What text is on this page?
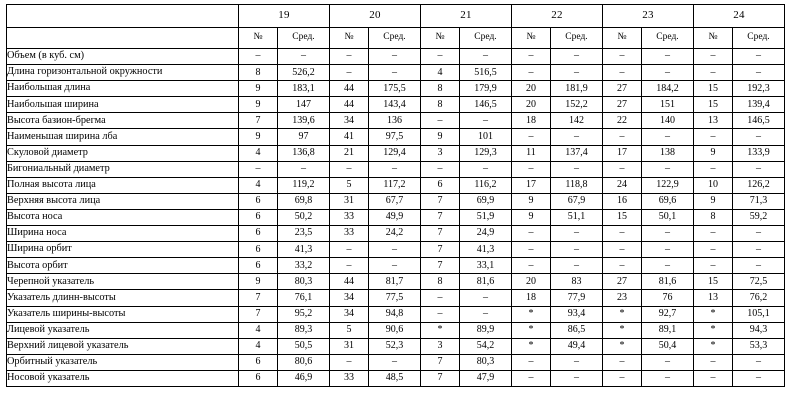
	19		20		21		22		23		24	
	№	Сред.	№	Сред.	№	Сред.	№	Сред.	№	Сред.	№	Сред.
Объем (в куб. см)	–	–	–	–	–	–	–	–	–	–	–	–
Длина горизонтальной окружности	8	526,2	–	–	4	516,5	–	–	–	–	–	–
Наибольшая длина	9	183,1	44	175,5	8	179,9	20	181,9	27	184,2	15	192,3
Наибольшая ширина	9	147	44	143,4	8	146,5	20	152,2	27	151	15	139,4
Высота базион-брегма	7	139,6	34	136	–	–	18	142	22	140	13	146,5
Наименьшая ширина лба	9	97	41	97,5	9	101	–	–	–	–	–	–
Скуловой диаметр	4	136,8	21	129,4	3	129,3	11	137,4	17	138	9	133,9
Бигониальный диаметр	–	–	–	–	–	–	–	–	–	–	–	–
Полная высота лица	4	119,2	5	117,2	6	116,2	17	118,8	24	122,9	10	126,2
Верхняя высота лица	6	69,8	31	67,7	7	69,9	9	67,9	16	69,6	9	71,3
Высота носа	6	50,2	33	49,9	7	51,9	9	51,1	15	50,1	8	59,2
Ширина носа	6	23,5	33	24,2	7	24,9	–	–	–	–	–	–
Ширина орбит	6	41,3	–	–	7	41,3	–	–	–	–	–	–
Высота орбит	6	33,2	–	–	7	33,1	–	–	–	–	–	–
Черепной указатель	9	80,3	44	81,7	8	81,6	20	83	27	81,6	15	72,5
Указатель длинн-высоты	7	76,1	34	77,5	–	–	18	77,9	23	76	13	76,2
Указатель ширины-высоты	7	95,2	34	94,8	–	–	*	93,4	*	92,7	*	105,1
Лицевой указатель	4	89,3	5	90,6	*	89,9	*	86,5	*	89,1	*	94,3
Верхний лицевой указатель	4	50,5	31	52,3	3	54,2	*	49,4	*	50,4	*	53,3
Орбитный указатель	6	80,6	–	–	7	80,3	–	–	–	–	–	–
Носовой указатель	6	46,9	33	48,5	7	47,9	–	–	–	–	–	–
